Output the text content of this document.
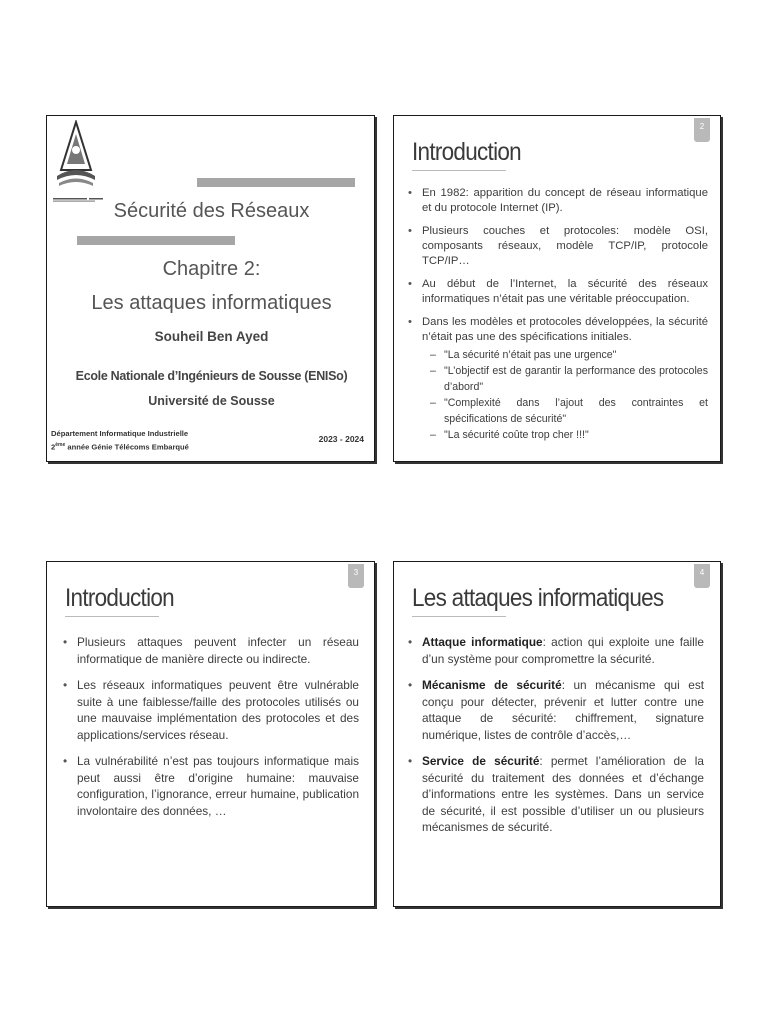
Sécurité des Réseaux
Chapitre 2:
Les attaques informatiques
Souheil Ben Ayed
Ecole Nationale d’Ingénieurs de Sousse (ENISo)
Université de Sousse
Département Informatique Industrielle
2ème année Génie Télécoms Embarqué
2023 - 2024
2
Introduction
• En 1982: apparition du concept de réseau informatique et du protocole Internet (IP).
• Plusieurs couches et protocoles: modèle OSI, composants réseaux, modèle TCP/IP, protocole TCP/IP…
• Au début de l’Internet, la sécurité des réseaux informatiques n’était pas une véritable préoccupation.
• Dans les modèles et protocoles développées, la sécurité n’était pas une des spécifications initiales.
– "La sécurité n’était pas une urgence"
– "L’objectif est de garantir la performance des protocoles d’abord"
– "Complexité dans l’ajout des contraintes et spécifications de sécurité"
– "La sécurité coûte trop cher !!!"
3
Introduction
• Plusieurs attaques peuvent infecter un réseau informatique de manière directe ou indirecte.
• Les réseaux informatiques peuvent être vulnérable suite à une faiblesse/faille des protocoles utilisés ou une mauvaise implémentation des protocoles et des applications/services réseau.
• La vulnérabilité n’est pas toujours informatique mais peut aussi être d’origine humaine: mauvaise configuration, l’ignorance, erreur humaine, publication involontaire des données, …
4
Les attaques informatiques
• Attaque informatique: action qui exploite une faille d’un système pour compromettre la sécurité.
• Mécanisme de sécurité: un mécanisme qui est conçu pour détecter, prévenir et lutter contre une attaque de sécurité: chiffrement, signature numérique, listes de contrôle d’accès,…
• Service de sécurité: permet l’amélioration de la sécurité du traitement des données et d’échange d’informations entre les systèmes. Dans un service de sécurité, il est possible d’utiliser un ou plusieurs mécanismes de sécurité.
